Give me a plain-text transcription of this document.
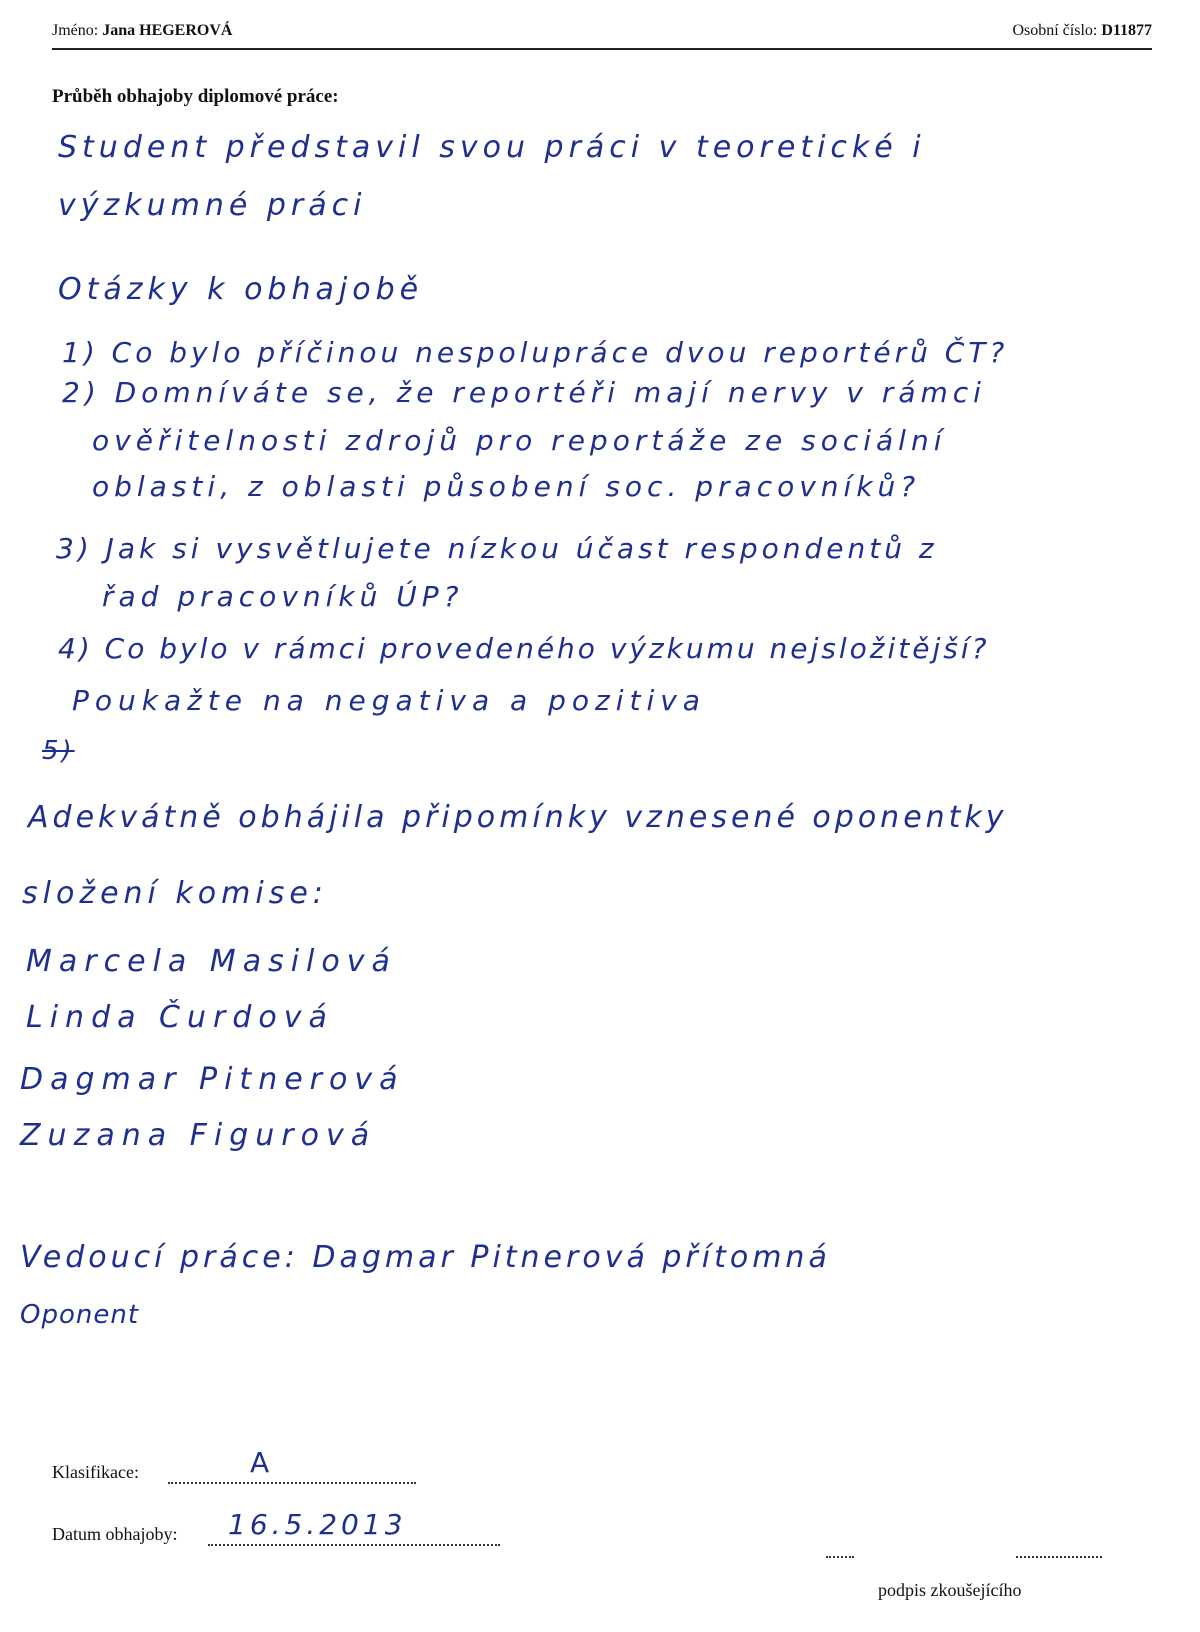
Jméno: Jana HEGEROVÁ	Osobní číslo: D11877
Průběh obhajoby diplomové práce:
Student představil svou práci v teoretické i
výzkumné práci
Otázky k obhajobě
1) Co bylo příčinou nespolupráce dvou reportérů ČT?
2) Domníváte se, že reportéři mají nervy v rámci
ověřitelnosti zdrojů pro reportáže ze sociální
oblasti, z oblasti působení soc. pracovníků?
3) Jak si vysvětlujete nízkou účast respondentů z
řad pracovníků ÚP?
4) Co bylo v rámci provedeného výzkumu nejsložitější?
Poukažte na negativa a pozitiva
5)
Adekvátně obhájila připomínky vznesené oponentky
složení komise:
Marcela Masilová
Linda Čurdová
Dagmar Pitnerová
Zuzana Figurová
Vedoucí práce: Dagmar Pitnerová přítomná
Oponent
Klasifikace:	A
Datum obhajoby: 16.5.2013
podpis zkoušejícího
